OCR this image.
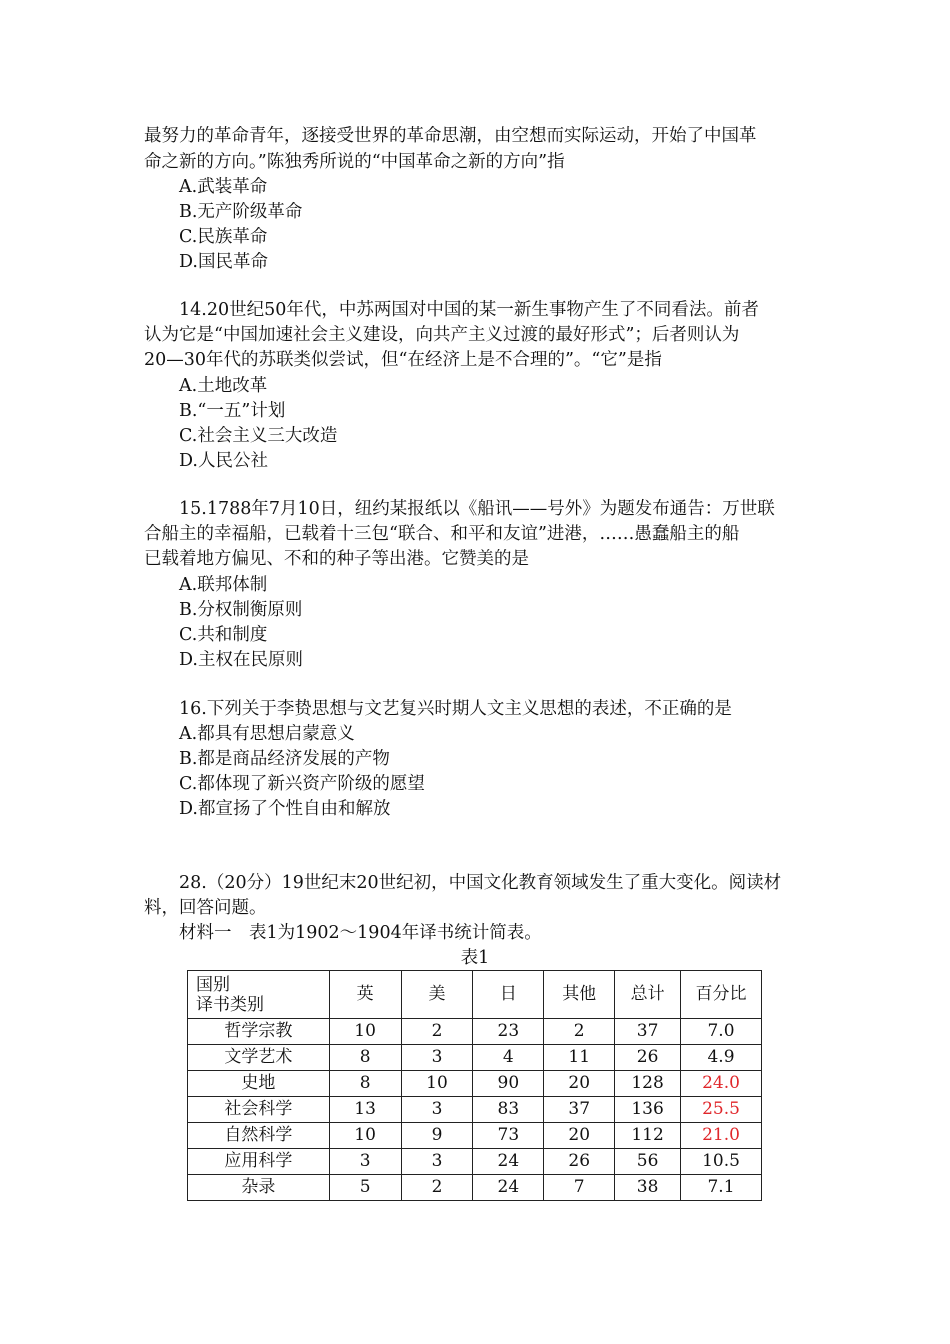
最努力的革命青年，逐接受世界的革命思潮，由空想而实际运动，开始了中国革
命之新的方向。”陈独秀所说的“中国革命之新的方向”指
A.武装革命
B.无产阶级革命
C.民族革命
D.国民革命
14.20世纪50年代，中苏两国对中国的某一新生事物产生了不同看法。前者
认为它是“中国加速社会主义建设，向共产主义过渡的最好形式”；后者则认为
20—30年代的苏联类似尝试，但“在经济上是不合理的”。“它”是指
A.土地改革
B.“一五”计划
C.社会主义三大改造
D.人民公社
15.1788年7月10日，纽约某报纸以《船讯——号外》为题发布通告：万世联
合船主的幸福船，已载着十三包“联合、和平和友谊”进港，……愚蠢船主的船
已载着地方偏见、不和的种子等出港。它赞美的是
A.联邦体制
B.分权制衡原则
C.共和制度
D.主权在民原则
16.下列关于李贽思想与文艺复兴时期人文主义思想的表述，不正确的是
A.都具有思想启蒙意义
B.都是商品经济发展的产物
C.都体现了新兴资产阶级的愿望
D.都宣扬了个性自由和解放
28.（20分）19世纪末20世纪初，中国文化教育领域发生了重大变化。阅读材
料，回答问题。
材料一　表1为1902～1904年译书统计简表。
表1
国别
译书类别	英	美	日	其他	总计	百分比
哲学宗教	10	2	23	2	37	7.0
文学艺术	8	3	4	11	26	4.9
史地	8	10	90	20	128	24.0
社会科学	13	3	83	37	136	25.5
自然科学	10	9	73	20	112	21.0
应用科学	3	3	24	26	56	10.5
杂录	5	2	24	7	38	7.1
